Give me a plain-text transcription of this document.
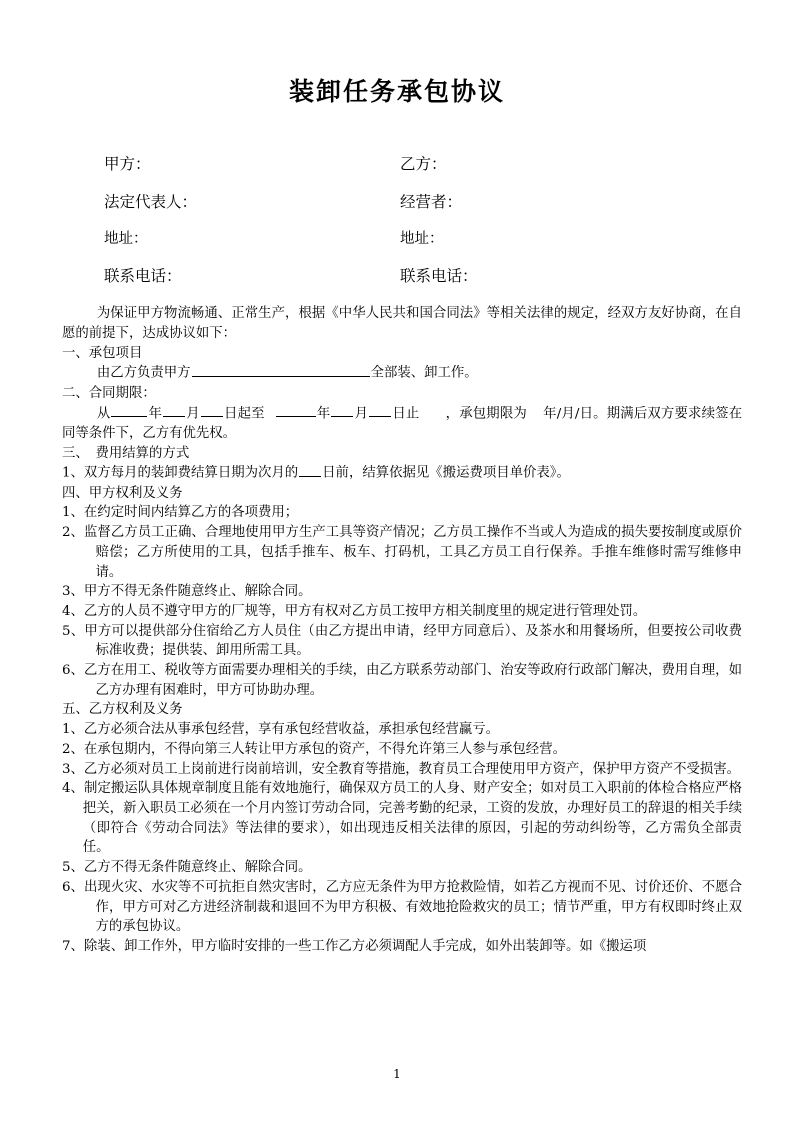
装卸任务承包协议
甲方：	乙方：
法定代表人：	经营者：
地址：	地址：
联系电话：	联系电话：

为保证甲方物流畅通、正常生产，根据《中华人民共和国合同法》等相关法律的规定，经双方友好协商，在自愿的前提下，达成协议如下：

一、承包项目

由乙方负责甲方	全部装、卸工作。

二、合同期限：

从	年 月 日起至	年 月 日止 ，承包期限为 年/月/日。期满后双方要求续签在同等条件下，乙方有优先权。

三、　费用结算的方式

1、双方每月的装卸费结算日期为次月的 日前，结算依据见《搬运费项目单价表》。

四、甲方权利及义务

1、在约定时间内结算乙方的各项费用；

2、监督乙方员工正确、合理地使用甲方生产工具等资产情况；乙方员工操作不当或人为造成的损失要按制度或原价赔偿；乙方所使用的工具，包括手推车、板车、打码机，工具乙方员工自行保养。手推车维修时需写维修申请。

3、甲方不得无条件随意终止、解除合同。

4、乙方的人员不遵守甲方的厂规等，甲方有权对乙方员工按甲方相关制度里的规定进行管理处罚。

5、甲方可以提供部分住宿给乙方人员住（由乙方提出申请，经甲方同意后）、及茶水和用餐场所，但要按公司收费标准收费；提供装、卸用所需工具。

6、乙方在用工、税收等方面需要办理相关的手续，由乙方联系劳动部门、治安等政府行政部门解决，费用自理，如乙方办理有困难时，甲方可协助办理。

五、乙方权利及义务

1、乙方必须合法从事承包经营，享有承包经营收益，承担承包经营赢亏。

2、在承包期内，不得向第三人转让甲方承包的资产，不得允许第三人参与承包经营。

3、乙方必须对员工上岗前进行岗前培训，安全教育等措施，教育员工合理使用甲方资产，保护甲方资产不受损害。

4、制定搬运队具体规章制度且能有效地施行，确保双方员工的人身、财产安全；如对员工入职前的体检合格应严格把关，新入职员工必须在一个月内签订劳动合同，完善考勤的纪录，工资的发放，办理好员工的辞退的相关手续（即符合《劳动合同法》等法律的要求），如出现违反相关法律的原因，引起的劳动纠纷等，乙方需负全部责任。

5、乙方不得无条件随意终止、解除合同。

6、出现火灾、水灾等不可抗拒自然灾害时，乙方应无条件为甲方抢救险情，如若乙方视而不见、讨价还价、不愿合作，甲方可对乙方进经济制裁和退回不为甲方积极、有效地抢险救灾的员工；情节严重，甲方有权即时终止双方的承包协议。

7、除装、卸工作外，甲方临时安排的一些工作乙方必须调配人手完成，如外出装卸等。如《搬运项

1
